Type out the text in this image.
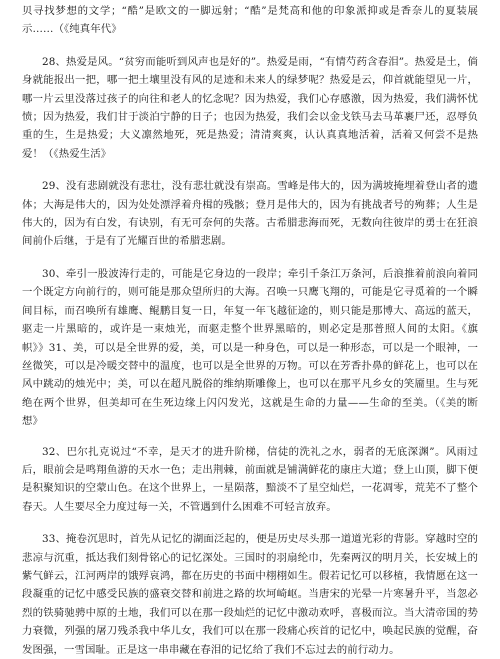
贝寻找梦想的文学；“酷”是欧文的一脚远射；“酷”是梵高和他的印象派抑或是香奈儿的夏装展示……（《纯真年代》

28、热爱是风。“贫穷而能听到风声也是好的”。热爱是雨，“有情芍药含春泪”。热爱是土，倘身就能报出一把，哪一把土壤里没有风的足迹和未来人的绿梦呢？热爱是云，仰首就能望见一片，哪一片云里没落过孩子的向往和老人的忆念呢？因为热爱，我们心存感激，因为热爱，我们满怀忧愤；因为热爱，我们甘于淡泊宁静的日子；也因为热爱，我们会以金戈铁马去马革裹尸还，忍辱负重的生，生是热爱；大义凛然地死，死是热爱；清清爽爽，认认真真地活着，活着又何尝不是热爱！（《热爱生活》

29、没有悲剧就没有悲壮，没有悲壮就没有崇高。雪峰是伟大的，因为满坡掩埋着登山者的遗体；大海是伟大的，因为处处漂浮着舟楫的残骸；登月是伟大的，因为有挑战者号的殉葬；人生是伟大的，因为有白发，有诀别，有无可奈何的失落。古希腊悲海而死，无数向往彼岸的勇士在狂浪间前仆后继，于是有了光耀百世的希腊悲剧。

30、牵引一股波涛行走的，可能是它身边的一段岸；牵引千条江万条河，后浪推着前浪向着同一个既定方向前行的，则可能是那众望所归的大海。召唤一只鹰飞翔的，可能是它寻觅着的一个瞬间目标，而召唤所有雄鹰、鲲鹏目复一日，年复一年飞越征途的，则只能是那博大、高远的蓝天，驱走一片黑暗的，或许是一束烛光，而驱走整个世界黑暗的，则必定是那普照人间的太阳。《旗帜》》31、美，可以是全世界的爱，美，可以是一种身色，可以是一种形态，可以是一个眼神，一丝微笑，可以是冷暖交替中的温度，也可以是全世界的万物。可以在芳香扑鼻的鲜花上，也可以在风中跳动的烛光中；美，可以在超凡脱俗的维纳斯雕像上，也可以在那平凡乡女的笑靥里。生与死绝在两个世界，但美却可在生死边缘上闪闪发光，这就是生命的力量——生命的至美。（《美的断想》

32、巴尔扎克说过“不幸，是天才的进升阶梯，信徒的洗礼之水，弱者的无底深渊”。风雨过后，眼前会是鸣翔鱼游的天水一色；走出荆棘，前面就是铺满鲜花的康庄大道；登上山顶，脚下便是积聚知识的空蒙山色。在这个世界上，一星陨落，黯淡不了星空灿烂，一花凋零，荒芜不了整个春天。人生要尽全力度过每一关，不管遇到什么困难不可轻言放弃。

33、掩卷沉思时，首先从记忆的湖面泛起的，便是历史尽头那一道道光彩的背影。穿越时空的悲凉与沉重，抵达我们刻骨铭心的记忆深处。三国时的羽扇纶巾，先秦两汉的明月关，长安城上的紫气鲜云，江河两岸的饿殍哀鸿，都在历史的书面中栩栩如生。假若记忆可以移植，我情愿在这一段凝重的记忆中感受民族的盛衰交替和前进之路的坎坷崎岖。当唐宋的光晕一片寒暑升平，当忽必烈的铁骑驰骋中原的土地，我们可以在那一段灿烂的记忆中激动欢呼，喜极而泣。当大清帝国的势力衰微，列强的屠刀残杀我中华儿女，我们可以在那一段痛心疾首的记忆中，唤起民族的觉醒，奋发图强，一雪国耻。正是这一串串藏在春泪的记忆给了我们不忘过去的前行动力。
